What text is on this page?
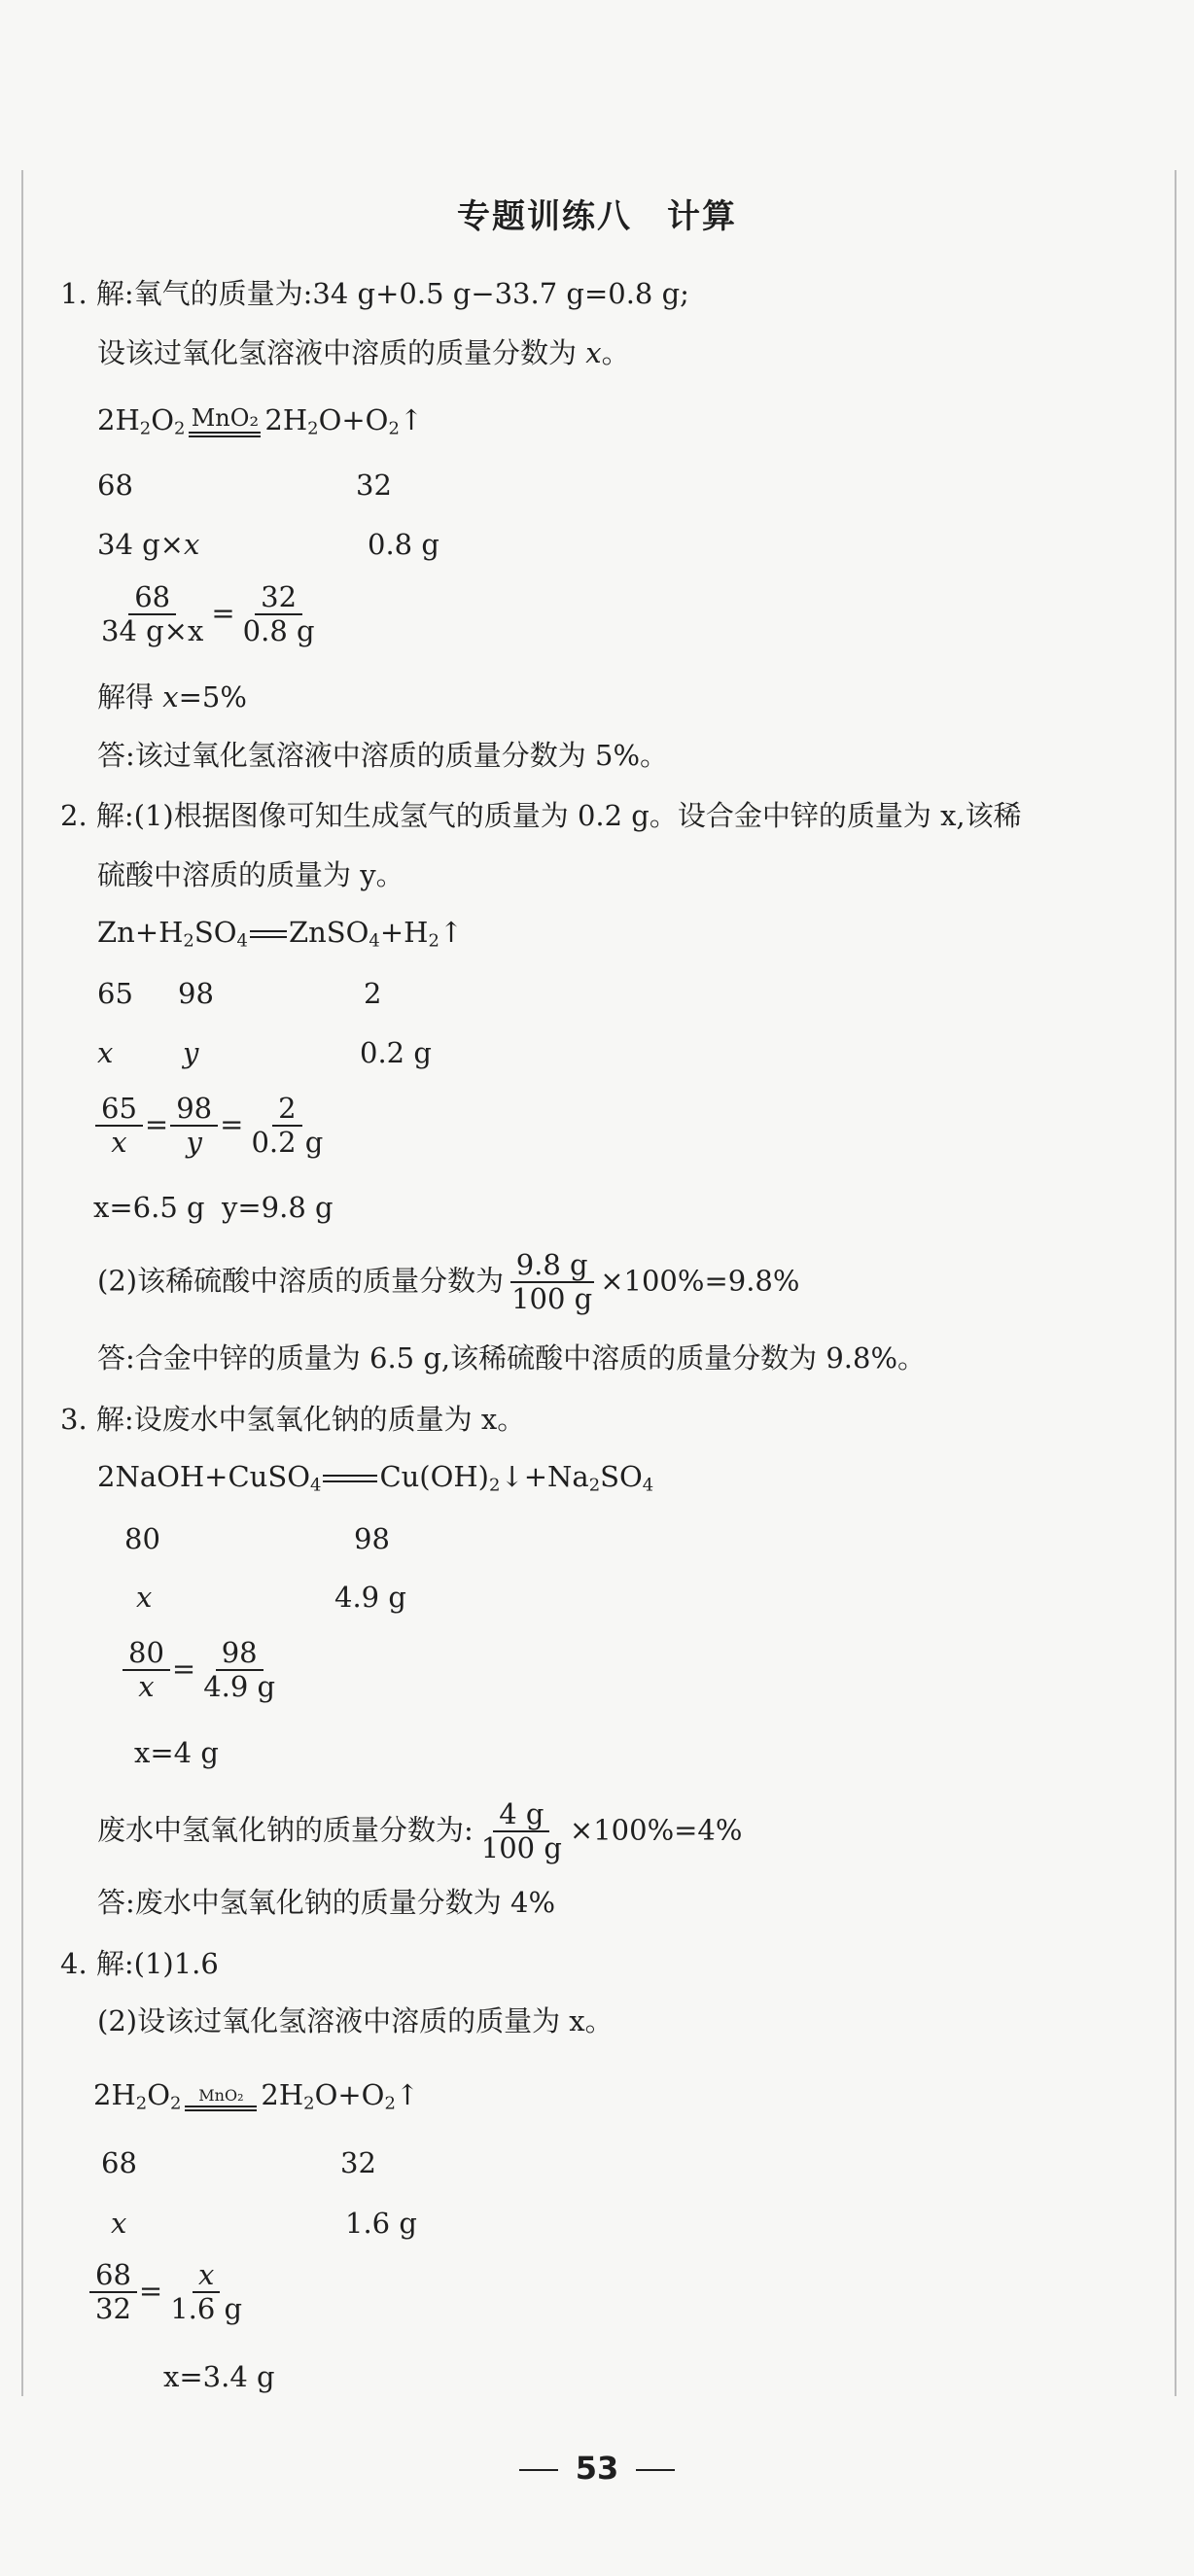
专题训练八　计算
1. 解:氧气的质量为:34 g+0.5 g−33.7 g=0.8 g;
设该过氧化氢溶液中溶质的质量分数为 x。
$2H_2O_2$ MnO₂ $2H_2O+O_2↑$
68	32
34 g×x	0.8 g
$\frac{68}{34 g\times x} = \frac{32}{0.8 g}$
解得 x=5%
答:该过氧化氢溶液中溶质的质量分数为 5%。
2. 解:(1)根据图像可知生成氢气的质量为 0.2 g。设合金中锌的质量为 x,该稀
硫酸中溶质的质量为 y。
$Zn+H_2SO_4$ $ZnSO_4+H_2↑$
65 98	2
x y	0.2 g
$\frac{65}{x} = \frac{98}{y} = \frac{2}{0.2 g}$
x=6.5 g y=9.8 g
(2)该稀硫酸中溶质的质量分数为 $\frac{9.8 g}{100 g} \times 100\%=9.8\%$
答:合金中锌的质量为 6.5 g,该稀硫酸中溶质的质量分数为 9.8%。
3. 解:设废水中氢氧化钠的质量为 x。
2NaOH+CuSO$_4$ $Cu(OH)_2↓+Na_2SO_4$
80	98
x	4.9 g
$\frac{80}{x} = \frac{98}{4.9 g}$
x=4 g
废水中氢氧化钠的质量分数为: $\frac{4 g}{100 g} \times 100\%=4\%$
答:废水中氢氧化钠的质量分数为 4%
4. 解:(1)1.6
(2)设该过氧化氢溶液中溶质的质量为 x。
$2H_2O_2$ MnO₂ $2H_2O+O_2↑$
68	32
x	1.6 g
$\frac{68}{32} = \frac{x}{1.6 g}$
x=3.4 g
53
